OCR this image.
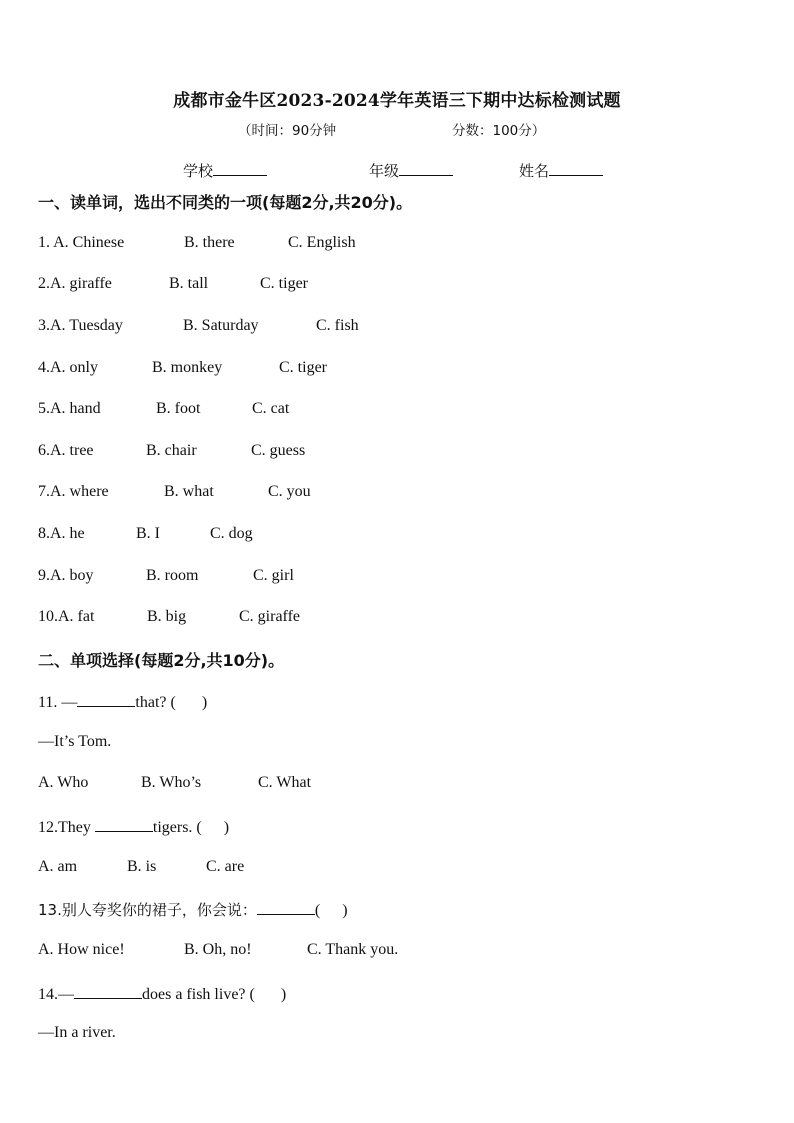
成都市金牛区2023-2024学年英语三下期中达标检测试题
（时间：90分钟	分数：100分）
学校	年级	姓名
一、读单词，选出不同类的一项(每题2分,共20分)。
1. A. Chinese	B. there	C. English
2.A. giraffe	B. tall	C. tiger
3.A. Tuesday	B. Saturday	C. fish
4.A. only	B. monkey	C. tiger
5.A. hand	B. foot	C. cat
6.A. tree	B. chair	C. guess
7.A. where	B. what	C. you
8.A. he	B. I	C. dog
9.A. boy	B. room	C. girl
10.A. fat	B. big	C. giraffe
二、单项选择(每题2分,共10分)。
11. —	that? ( )
—It’s Tom.
A. Who	B. Who’s	C. What
12.They	tigers. ( )
A. am	B. is	C. are
13.别人夸奖你的裙子，你会说：	( )
A. How nice!	B. Oh, no!	C. Thank you.
14.—	does a fish live? ( )
—In a river.
